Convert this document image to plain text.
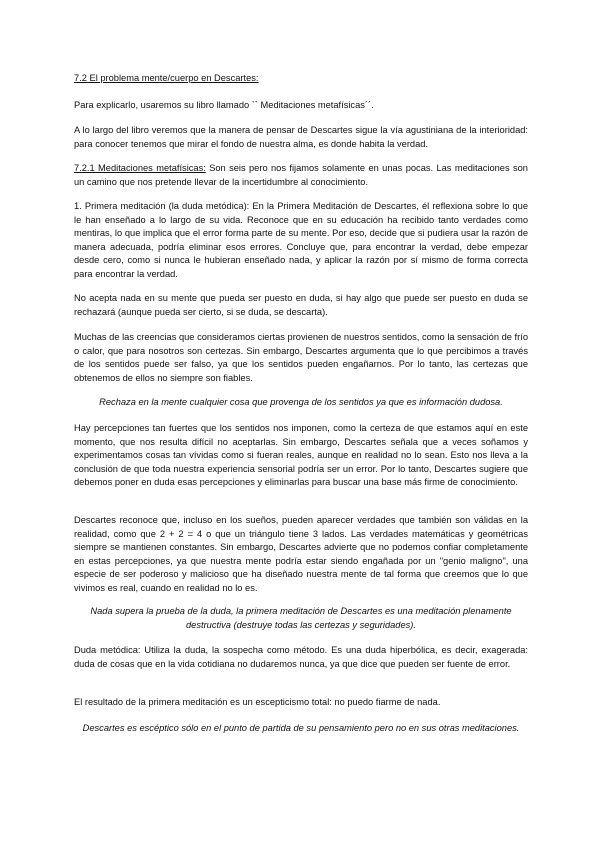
7.2 El problema mente/cuerpo en Descartes:

Para explicarlo, usaremos su libro llamado `` Meditaciones metafísicas´´.

A lo largo del libro veremos que la manera de pensar de Descartes sigue la vía agustiniana de la interioridad: para conocer tenemos que mirar el fondo de nuestra alma, es donde habita la verdad.

7.2.1 Meditaciones metafísicas: Son seis pero nos fijamos solamente en unas pocas. Las meditaciones son un camino que nos pretende llevar de la incertidumbre al conocimiento.

1. Primera meditación (la duda metódica): En la Primera Meditación de Descartes, él reflexiona sobre lo que le han enseñado a lo largo de su vida. Reconoce que en su educación ha recibido tanto verdades como mentiras, lo que implica que el error forma parte de su mente. Por eso, decide que si pudiera usar la razón de manera adecuada, podría eliminar esos errores. Concluye que, para encontrar la verdad, debe empezar desde cero, como si nunca le hubieran enseñado nada, y aplicar la razón por sí mismo de forma correcta para encontrar la verdad.

No acepta nada en su mente que pueda ser puesto en duda, si hay algo que puede ser puesto en duda se rechazará (aunque pueda ser cierto, si se duda, se descarta).

Muchas de las creencias que consideramos ciertas provienen de nuestros sentidos, como la sensación de frío o calor, que para nosotros son certezas. Sin embargo, Descartes argumenta que lo que percibimos a través de los sentidos puede ser falso, ya que los sentidos pueden engañarnos. Por lo tanto, las certezas que obtenemos de ellos no siempre son fiables.

Rechaza en la mente cualquier cosa que provenga de los sentidos ya que es información dudosa.

Hay percepciones tan fuertes que los sentidos nos imponen, como la certeza de que estamos aquí en este momento, que nos resulta difícil no aceptarlas. Sin embargo, Descartes señala que a veces soñamos y experimentamos cosas tan vívidas como si fueran reales, aunque en realidad no lo sean. Esto nos lleva a la conclusión de que toda nuestra experiencia sensorial podría ser un error. Por lo tanto, Descartes sugiere que debemos poner en duda esas percepciones y eliminarlas para buscar una base más firme de conocimiento.

Descartes reconoce que, incluso en los sueños, pueden aparecer verdades que también son válidas en la realidad, como que 2 + 2 = 4 o que un triángulo tiene 3 lados. Las verdades matemáticas y geométricas siempre se mantienen constantes. Sin embargo, Descartes advierte que no podemos confiar completamente en estas percepciones, ya que nuestra mente podría estar siendo engañada por un "genio maligno", una especie de ser poderoso y malicioso que ha diseñado nuestra mente de tal forma que creemos que lo que vivimos es real, cuando en realidad no lo es.

Nada supera la prueba de la duda, la primera meditación de Descartes es una meditación plenamente destructiva (destruye todas las certezas y seguridades).

Duda metódica: Utiliza la duda, la sospecha como método. Es una duda hiperbólica, es decir, exagerada: duda de cosas que en la vida cotidiana no dudaremos nunca, ya que dice que pueden ser fuente de error.

El resultado de la primera meditación es un escepticismo total: no puedo fiarme de nada.

Descartes es escéptico sólo en el punto de partida de su pensamiento pero no en sus otras meditaciones.
